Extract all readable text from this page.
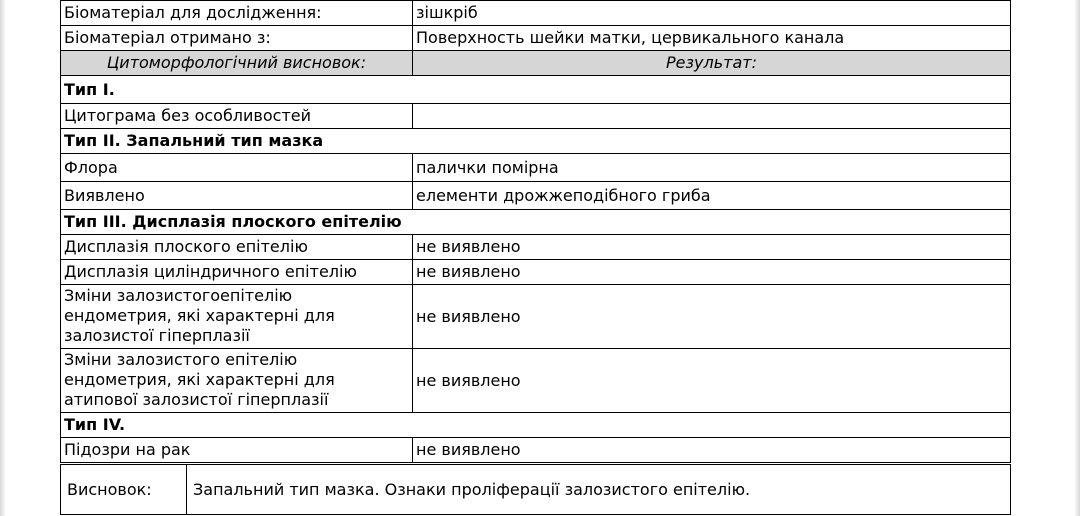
Біоматеріал для дослідження:	зішкріб
Біоматеріал отримано з:	Поверхность шейки матки, цервикального канала
Цитоморфологічний висновок:	Результат:
Тип I.	
Цитограма без особливостей	
Тип II. Запальний тип мазка	
Флора	палички помірна
Виявлено	елементи дрожжеподібного гриба
Тип III. Дисплазія плоского епітелію	
Дисплазія плоского епітелію	не виявлено
Дисплазія циліндричного епітелію	не виявлено

Зміни залозистогоепітелію
ендометрия, які характерні для
залозистої гіперплазії	не виявлено

Зміни залозистого епітелію
ендометрия, які характерні для
атипової залозистої гіперплазії	не виявлено
Тип IV.	
Підозри на рак	не виявлено
Висновок:	Запальний тип мазка. Ознаки проліферації залозистого епітелію.
